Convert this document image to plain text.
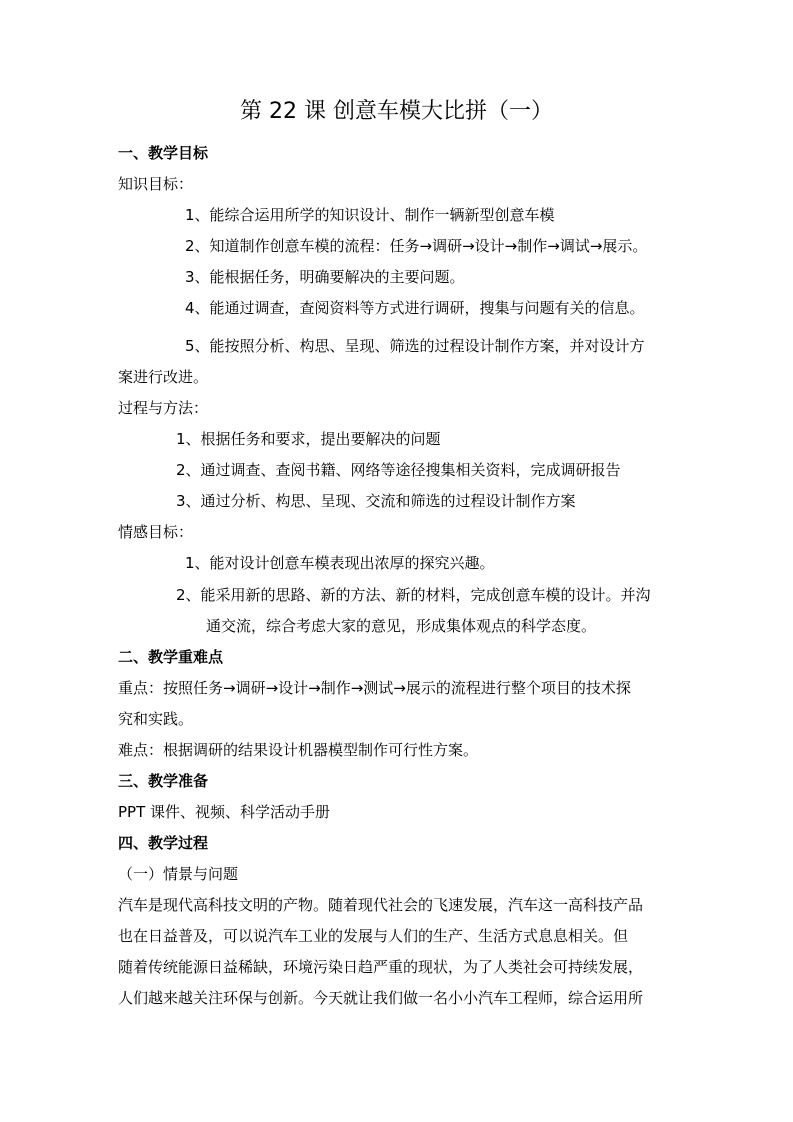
第 22 课 创意车模大比拼（一）
一、教学目标
知识目标：
1、能综合运用所学的知识设计、制作一辆新型创意车模
2、知道制作创意车模的流程：任务→调研→设计→制作→调试→展示。
3、能根据任务，明确要解决的主要问题。
4、能通过调查，查阅资料等方式进行调研，搜集与问题有关的信息。
5、能按照分析、构思、呈现、筛选的过程设计制作方案，并对设计方
案进行改进。
过程与方法：
1、根据任务和要求，提出要解决的问题
2、通过调查、查阅书籍、网络等途径搜集相关资料，完成调研报告
3、通过分析、构思、呈现、交流和筛选的过程设计制作方案
情感目标：
1、能对设计创意车模表现出浓厚的探究兴趣。
2、能采用新的思路、新的方法、新的材料，完成创意车模的设计。并沟
通交流，综合考虑大家的意见，形成集体观点的科学态度。
二、教学重难点
重点：按照任务→调研→设计→制作→测试→展示的流程进行整个项目的技术探
究和实践。
难点：根据调研的结果设计机器模型制作可行性方案。
三、教学准备
PPT 课件、视频、科学活动手册
四、教学过程
（一）情景与问题
汽车是现代高科技文明的产物。随着现代社会的飞速发展，汽车这一高科技产品
也在日益普及，可以说汽车工业的发展与人们的生产、生活方式息息相关。但
随着传统能源日益稀缺，环境污染日趋严重的现状，为了人类社会可持续发展，
人们越来越关注环保与创新。今天就让我们做一名小小汽车工程师，综合运用所
